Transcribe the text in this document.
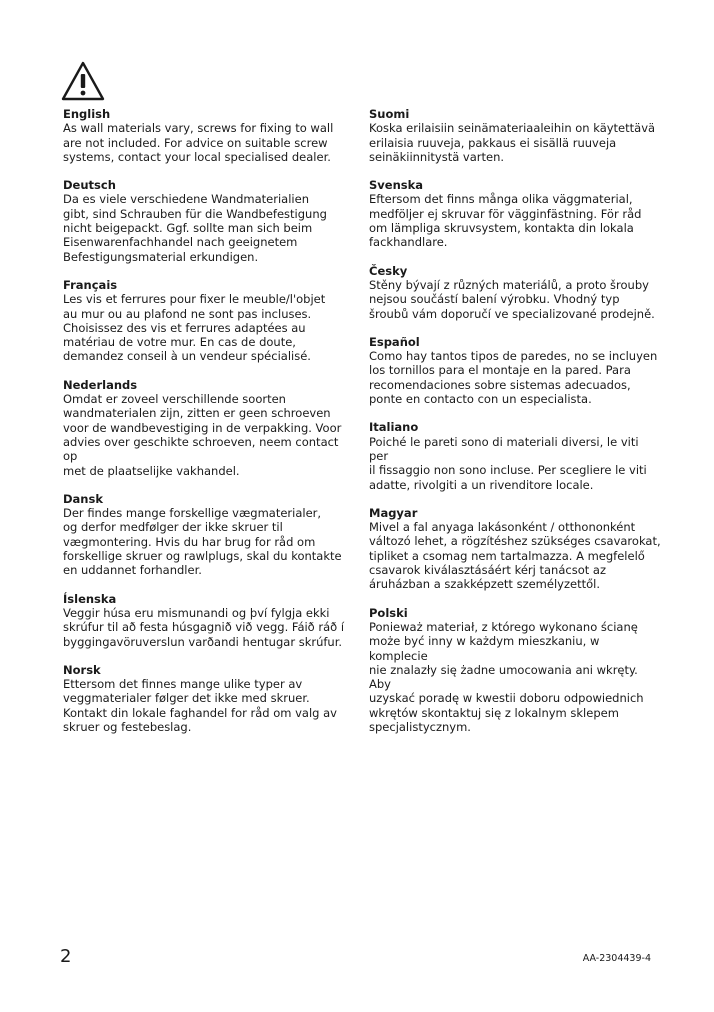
English

As wall materials vary, screws for fixing to wall
are not included. For advice on suitable screw
systems, contact your local specialised dealer.

Deutsch

Da es viele verschiedene Wandmaterialien
gibt, sind Schrauben für die Wandbefestigung
nicht beigepackt. Ggf. sollte man sich beim
Eisenwarenfachhandel nach geeignetem
Befestigungsmaterial erkundigen.

Français

Les vis et ferrures pour fixer le meuble/l'objet
au mur ou au plafond ne sont pas incluses.
Choisissez des vis et ferrures adaptées au
matériau de votre mur. En cas de doute,
demandez conseil à un vendeur spécialisé.

Nederlands

Omdat er zoveel verschillende soorten
wandmaterialen zijn, zitten er geen schroeven
voor de wandbevestiging in de verpakking. Voor
advies over geschikte schroeven, neem contact op
met de plaatselijke vakhandel.

Dansk

Der findes mange forskellige vægmaterialer,
og derfor medfølger der ikke skruer til
vægmontering. Hvis du har brug for råd om
forskellige skruer og rawlplugs, skal du kontakte
en uddannet forhandler.

Íslenska

Veggir húsa eru mismunandi og því fylgja ekki
skrúfur til að festa húsgagnið við vegg. Fáið ráð í
byggingavöruverslun varðandi hentugar skrúfur.

Norsk

Ettersom det finnes mange ulike typer av
veggmaterialer følger det ikke med skruer.
Kontakt din lokale faghandel for råd om valg av
skruer og festebeslag.

Suomi

Koska erilaisiin seinämateriaaleihin on käytettävä
erilaisia ruuveja, pakkaus ei sisällä ruuveja
seinäkiinnitystä varten.

Svenska

Eftersom det finns många olika väggmaterial,
medföljer ej skruvar för vägginfästning. För råd
om lämpliga skruvsystem, kontakta din lokala
fackhandlare.

Česky

Stěny bývají z různých materiálů, a proto šrouby
nejsou součástí balení výrobku. Vhodný typ
šroubů vám doporučí ve specializované prodejně.

Español

Como hay tantos tipos de paredes, no se incluyen
los tornillos para el montaje en la pared. Para
recomendaciones sobre sistemas adecuados,
ponte en contacto con un especialista.

Italiano

Poiché le pareti sono di materiali diversi, le viti per
il fissaggio non sono incluse. Per scegliere le viti
adatte, rivolgiti a un rivenditore locale.

Magyar

Mivel a fal anyaga lakásonként / otthononként
változó lehet, a rögzítéshez szükséges csavarokat,
tipliket a csomag nem tartalmazza. A megfelelő
csavarok kiválasztásáért kérj tanácsot az
áruházban a szakképzett személyzettől.

Polski

Ponieważ materiał, z którego wykonano ścianę
może być inny w każdym mieszkaniu, w komplecie
nie znalazły się żadne umocowania ani wkręty. Aby
uzyskać poradę w kwestii doboru odpowiednich
wkrętów skontaktuj się z lokalnym sklepem
specjalistycznym.

2	AA-2304439-4
